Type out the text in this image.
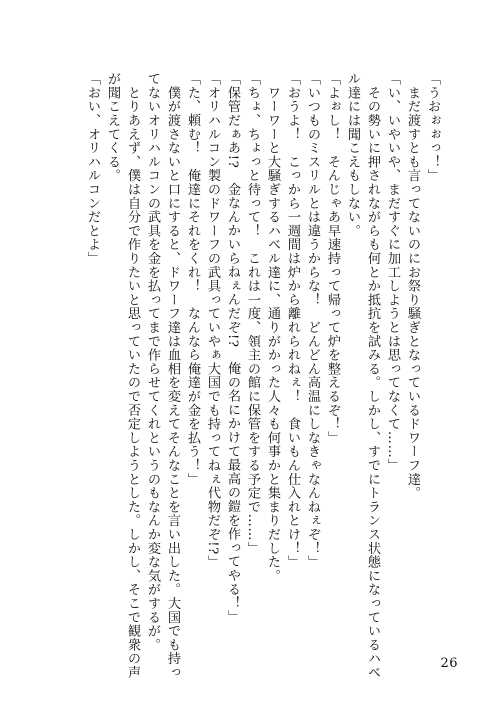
「うおぉぉっ！」
　まだ渡すとも言ってないのにお祭り騒ぎとなっているドワーフ達。
「い、いやいや、まだすぐに加工しようとは思ってなくて……」
　その勢いに押されながらも何とか抵抗を試みる。しかし、すでにトランス状態になっているハベ
ル達には聞こえもしない。
「よぉし！　そんじゃあ早速持って帰って炉を整えるぞ！」
「いつものミスリルとは違うからな！　どんどん高温にしなきゃなんねぇぞ！」
「おうよ！　こっから一週間は炉から離れられねぇ！　食いもん仕入れとけ！」
　ワーワーと大騒ぎするハベル達に、通りがかった人々も何事かと集まりだした。
「ちょ、ちょっと待って！　これは一度、領主の館に保管をする予定で……」
「保管だぁあ!?　金なんかいらねぇんだぞ!?　俺の名にかけて最高の鎧を作ってやる！」
「オリハルコン製のドワーフの武具っていやぁ大国でも持ってねぇ代物だぞ!?」
「た、頼む！　俺達にそれをくれ！　なんなら俺達が金を払う！」
　僕が渡さないと口にすると、ドワーフ達は血相を変えてそんなことを言い出した。大国でも持っ
てないオリハルコンの武具を金を払ってまで作らせてくれというのもなんか変な気がするが。
　とりあえず、僕は自分で作りたいと思っていたので否定しようとした。しかし、そこで観衆の声
が聞こえてくる。
「おい、オリハルコンだとよ」
26
